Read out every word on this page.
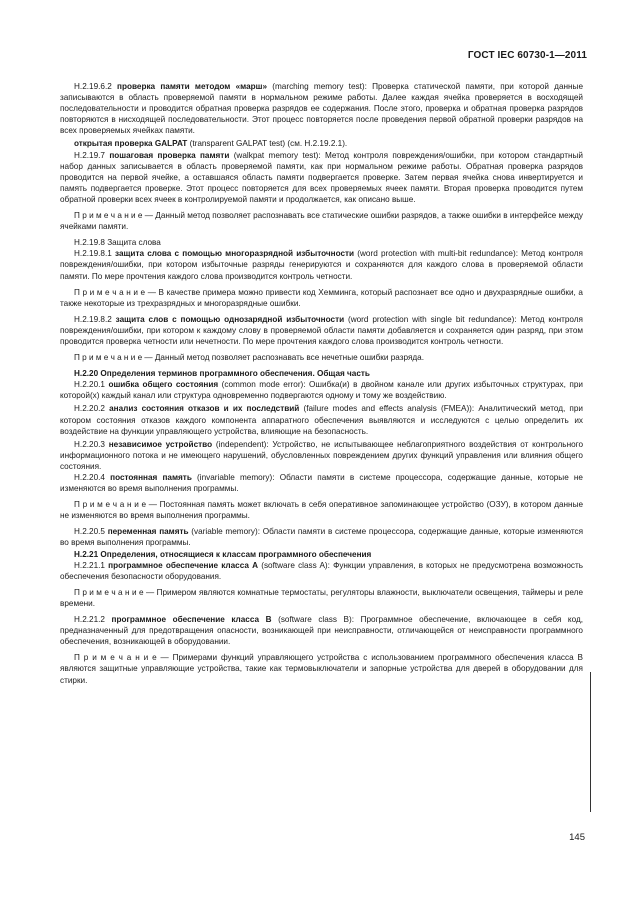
ГОСТ IEC 60730-1—2011

Н.2.19.6.2 проверка памяти методом «марш» (marching memory test): Проверка статической памяти, при которой данные записываются в область проверяемой памяти в нормальном режиме работы. Далее каждая ячейка проверяется в восходящей последовательности и проводится обратная проверка разрядов ее содержания. После этого, проверка и обратная проверка разрядов повторяются в нисходящей последовательности. Этот процесс повторяется после проведения первой обратной проверки разрядов на всех проверяемых ячейках памяти.

открытая проверка GALPAT (transparent GALPAT test) (см. Н.2.19.2.1).

Н.2.19.7 пошаговая проверка памяти (walkpat memory test): Метод контроля повреждения/ошибки, при котором стандартный набор данных записывается в область проверяемой памяти, как при нормальном режиме работы. Обратная проверка разрядов проводится на первой ячейке, а оставшаяся область памяти подвергается проверке. Затем первая ячейка снова инвертируется и память подвергается проверке. Этот процесс повторяется для всех проверяемых ячеек памяти. Вторая проверка проводится путем обратной проверки всех ячеек в контролируемой памяти и продолжается, как описано выше.

П р и м е ч а н и е — Данный метод позволяет распознавать все статические ошибки разрядов, а также ошибки в интерфейсе между ячейками памяти.

Н.2.19.8 Защита слова

Н.2.19.8.1 защита слова с помощью многоразрядной избыточности (word protection with multi-bit redundance): Метод контроля повреждения/ошибки, при котором избыточные разряды генерируются и сохраняются для каждого слова в проверяемой области памяти. По мере прочтения каждого слова производится контроль четности.

П р и м е ч а н и е — В качестве примера можно привести код Хемминга, который распознает все одно и двухразрядные ошибки, а также некоторые из трехразрядных и многоразрядные ошибки.

Н.2.19.8.2 защита слов с помощью однозарядной избыточности (word protection with single bit redundance): Метод контроля повреждения/ошибки, при котором к каждому слову в проверяемой области памяти добавляется и сохраняется один разряд, при этом проводится проверка четности или нечетности. По мере прочтения каждого слова производится контроль четности.

П р и м е ч а н и е — Данный метод позволяет распознавать все нечетные ошибки разряда.

Н.2.20 Определения терминов программного обеспечения. Общая часть

Н.2.20.1 ошибка общего состояния (common mode error): Ошибка(и) в двойном канале или других избыточных структурах, при которой(х) каждый канал или структура одновременно подвергаются одному и тому же воздействию.

Н.2.20.2 анализ состояния отказов и их последствий (failure modes and effects analysis (FMEA)): Аналитический метод, при котором состояния отказов каждого компонента аппаратного обеспечения выявляются и исследуются с целью определить их воздействие на функции управляющего устройства, влияющие на безопасность.

Н.2.20.3 независимое устройство (independent): Устройство, не испытывающее неблагоприятного воздействия от контрольного информационного потока и не имеющего нарушений, обусловленных повреждением других функций управления или влияния общего состояния.

Н.2.20.4 постоянная память (invariable memory): Области памяти в системе процессора, содержащие данные, которые не изменяются во время выполнения программы.

П р и м е ч а н и е — Постоянная память может включать в себя оперативное запоминающее устройство (ОЗУ), в котором данные не изменяются во время выполнения программы.

Н.2.20.5 переменная память (variable memory): Области памяти в системе процессора, содержащие данные, которые изменяются во время выполнения программы.

Н.2.21 Определения, относящиеся к классам программного обеспечения

Н.2.21.1 программное обеспечение класса А (software class A): Функции управления, в которых не предусмотрена возможность обеспечения безопасности оборудования.

П р и м е ч а н и е — Примером являются комнатные термостаты, регуляторы влажности, выключатели освещения, таймеры и реле времени.

Н.2.21.2 программное обеспечение класса В (software class B): Программное обеспечение, включающее в себя код, предназначенный для предотвращения опасности, возникающей при неисправности, отличающейся от неисправности программного обеспечения, возникающей в оборудовании.

П р и м е ч а н и е — Примерами функций управляющего устройства с использованием программного обеспечения класса В являются защитные управляющие устройства, такие как термовыключатели и запорные устройства для дверей в оборудовании для стирки.

145
